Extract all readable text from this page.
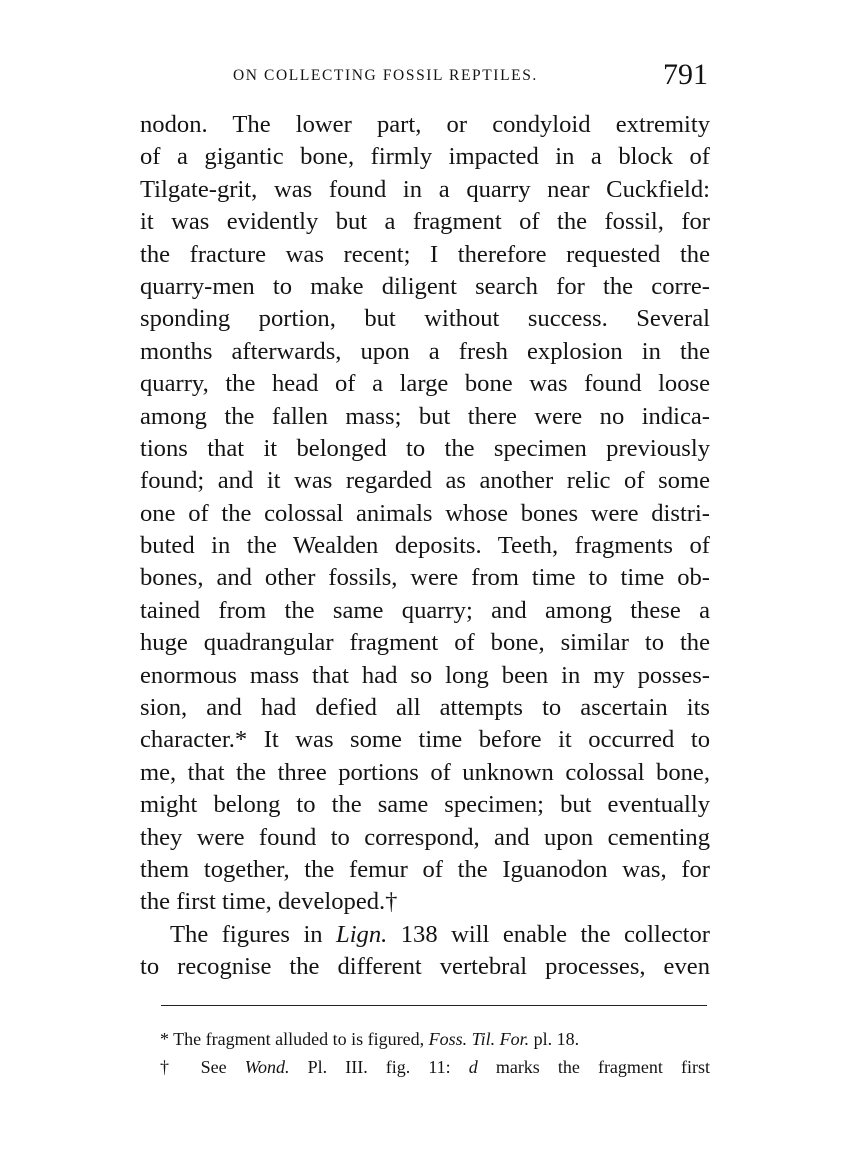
ON COLLECTING FOSSIL REPTILES.	791
nodon. The lower part, or condyloid extremity
of a gigantic bone, firmly impacted in a block of
Tilgate-grit, was found in a quarry near Cuckfield:
it was evidently but a fragment of the fossil, for
the fracture was recent; I therefore requested the
quarry-men to make diligent search for the corre-
sponding portion, but without success. Several
months afterwards, upon a fresh explosion in the
quarry, the head of a large bone was found loose
among the fallen mass; but there were no indica-
tions that it belonged to the specimen previously
found; and it was regarded as another relic of some
one of the colossal animals whose bones were distri-
buted in the Wealden deposits. Teeth, fragments of
bones, and other fossils, were from time to time ob-
tained from the same quarry; and among these a
huge quadrangular fragment of bone, similar to the
enormous mass that had so long been in my posses-
sion, and had defied all attempts to ascertain its
character.* It was some time before it occurred to
me, that the three portions of unknown colossal bone,
might belong to the same specimen; but eventually
they were found to correspond, and upon cementing
them together, the femur of the Iguanodon was, for
the first time, developed.†
The figures in Lign. 138 will enable the collector
to recognise the different vertebral processes, even
* The fragment alluded to is figured, Foss. Til. For. pl. 18.
† See Wond. Pl. III. fig. 11: d marks the fragment first
